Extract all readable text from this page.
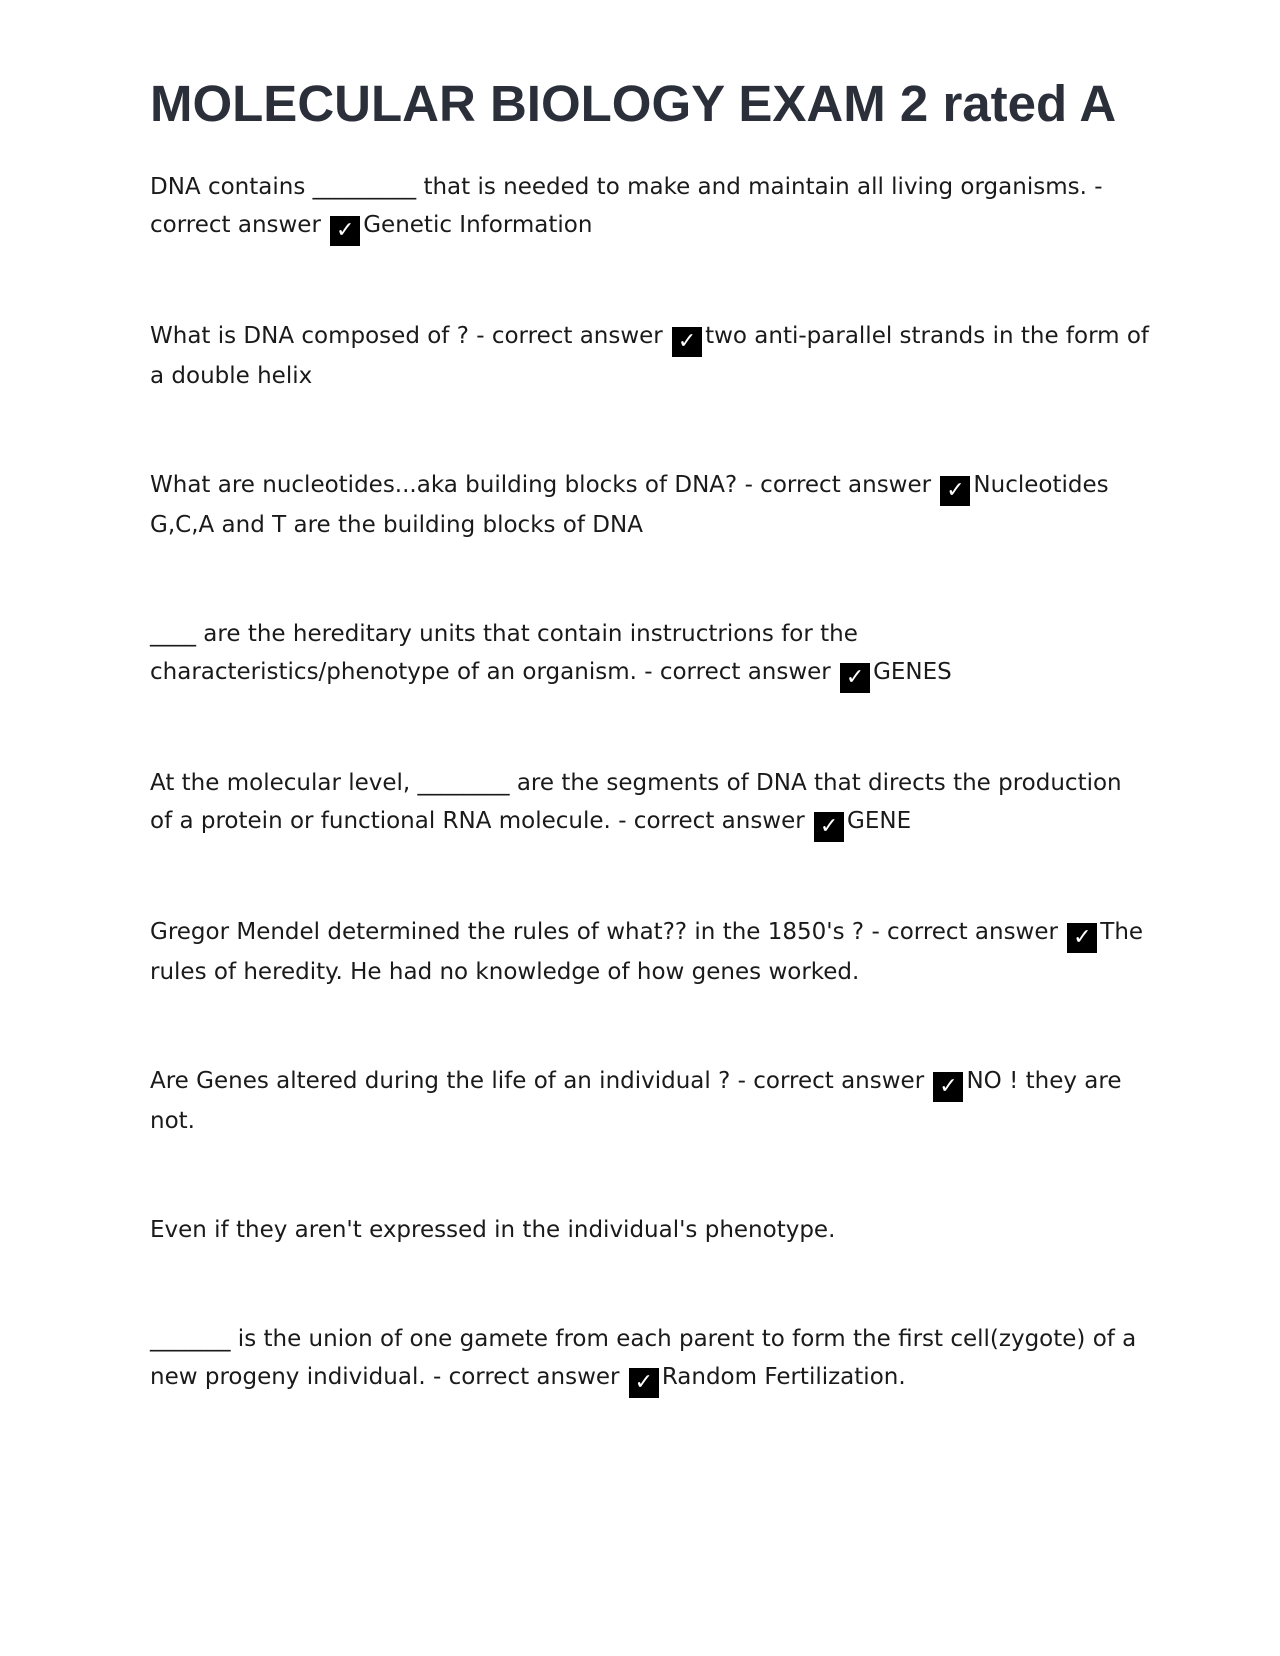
MOLECULAR BIOLOGY EXAM 2 rated A

DNA contains _________ that is needed to make and maintain all living organisms. - correct answer ✓ Genetic Information

What is DNA composed of ? - correct answer ✓ two anti-parallel strands in the form of a double helix

What are nucleotides...aka building blocks of DNA? - correct answer ✓ Nucleotides G,C,A and T are the building blocks of DNA

____ are the hereditary units that contain instructrions for the characteristics/phenotype of an organism. - correct answer ✓ GENES

At the molecular level, ________ are the segments of DNA that directs the production of a protein or functional RNA molecule. - correct answer ✓ GENE

Gregor Mendel determined the rules of what?? in the 1850's ? - correct answer ✓ The rules of heredity. He had no knowledge of how genes worked.

Are Genes altered during the life of an individual ? - correct answer ✓ NO ! they are not.

Even if they aren't expressed in the individual's phenotype.

_______ is the union of one gamete from each parent to form the first cell(zygote) of a new progeny individual. - correct answer ✓ Random Fertilization.
